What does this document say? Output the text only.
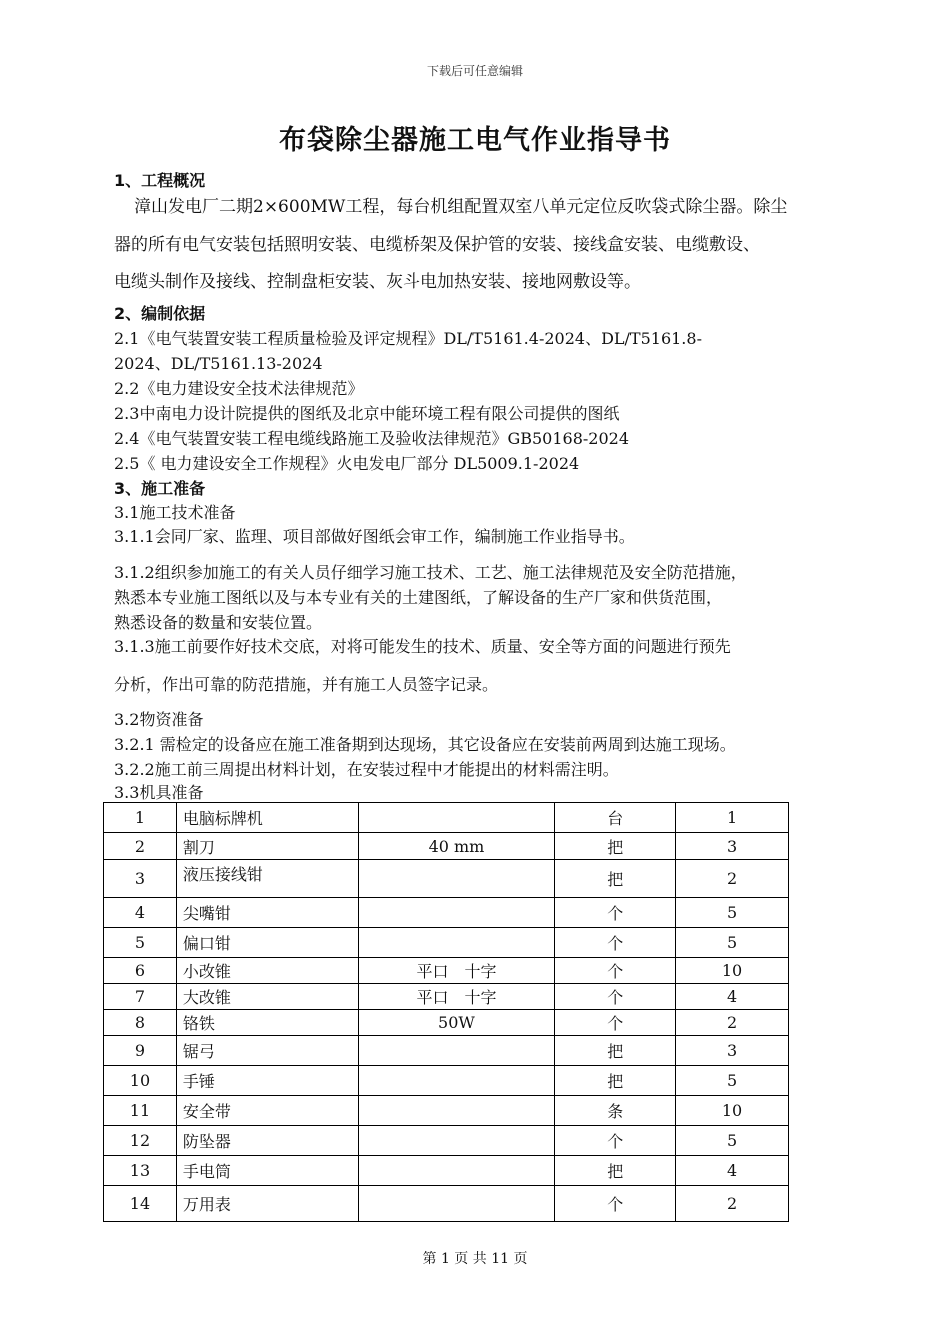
下载后可任意编辑
布袋除尘器施工电气作业指导书
1、工程概况
漳山发电厂二期2×600MW工程，每台机组配置双室八单元定位反吹袋式除尘器。除尘
器的所有电气安装包括照明安装、电缆桥架及保护管的安装、接线盒安装、电缆敷设、
电缆头制作及接线、控制盘柜安装、灰斗电加热安装、接地网敷设等。
2、编制依据
2.1《电气装置安装工程质量检验及评定规程》DL/T5161.4-2024、DL/T5161.8-
2024、DL/T5161.13-2024
2.2《电力建设安全技术法律规范》
2.3中南电力设计院提供的图纸及北京中能环境工程有限公司提供的图纸
2.4《电气装置安装工程电缆线路施工及验收法律规范》GB50168-2024
2.5《 电力建设安全工作规程》火电发电厂部分 DL5009.1-2024
3、施工准备
3.1施工技术准备
3.1.1会同厂家、监理、项目部做好图纸会审工作，编制施工作业指导书。
3.1.2组织参加施工的有关人员仔细学习施工技术、工艺、施工法律规范及安全防范措施，
熟悉本专业施工图纸以及与本专业有关的土建图纸，了解设备的生产厂家和供货范围，
熟悉设备的数量和安装位置。
3.1.3施工前要作好技术交底，对将可能发生的技术、质量、安全等方面的问题进行预先
分析，作出可靠的防范措施，并有施工人员签字记录。
3.2物资准备
3.2.1 需检定的设备应在施工准备期到达现场，其它设备应在安装前两周到达施工现场。
3.2.2施工前三周提出材料计划，在安装过程中才能提出的材料需注明。
3.3机具准备
1	电脑标牌机		台	1
2	割刀	40 mm	把	3
3	液压接线钳		把	2
4	尖嘴钳		个	5
5	偏口钳		个	5
6	小改锥	平口　十字	个	10
7	大改锥	平口　十字	个	4
8	铬铁	50W	个	2
9	锯弓		把	3
10	手锤		把	5
11	安全带		条	10
12	防坠器		个	5
13	手电筒		把	4
14	万用表		个	2
第 1 页 共 11 页
